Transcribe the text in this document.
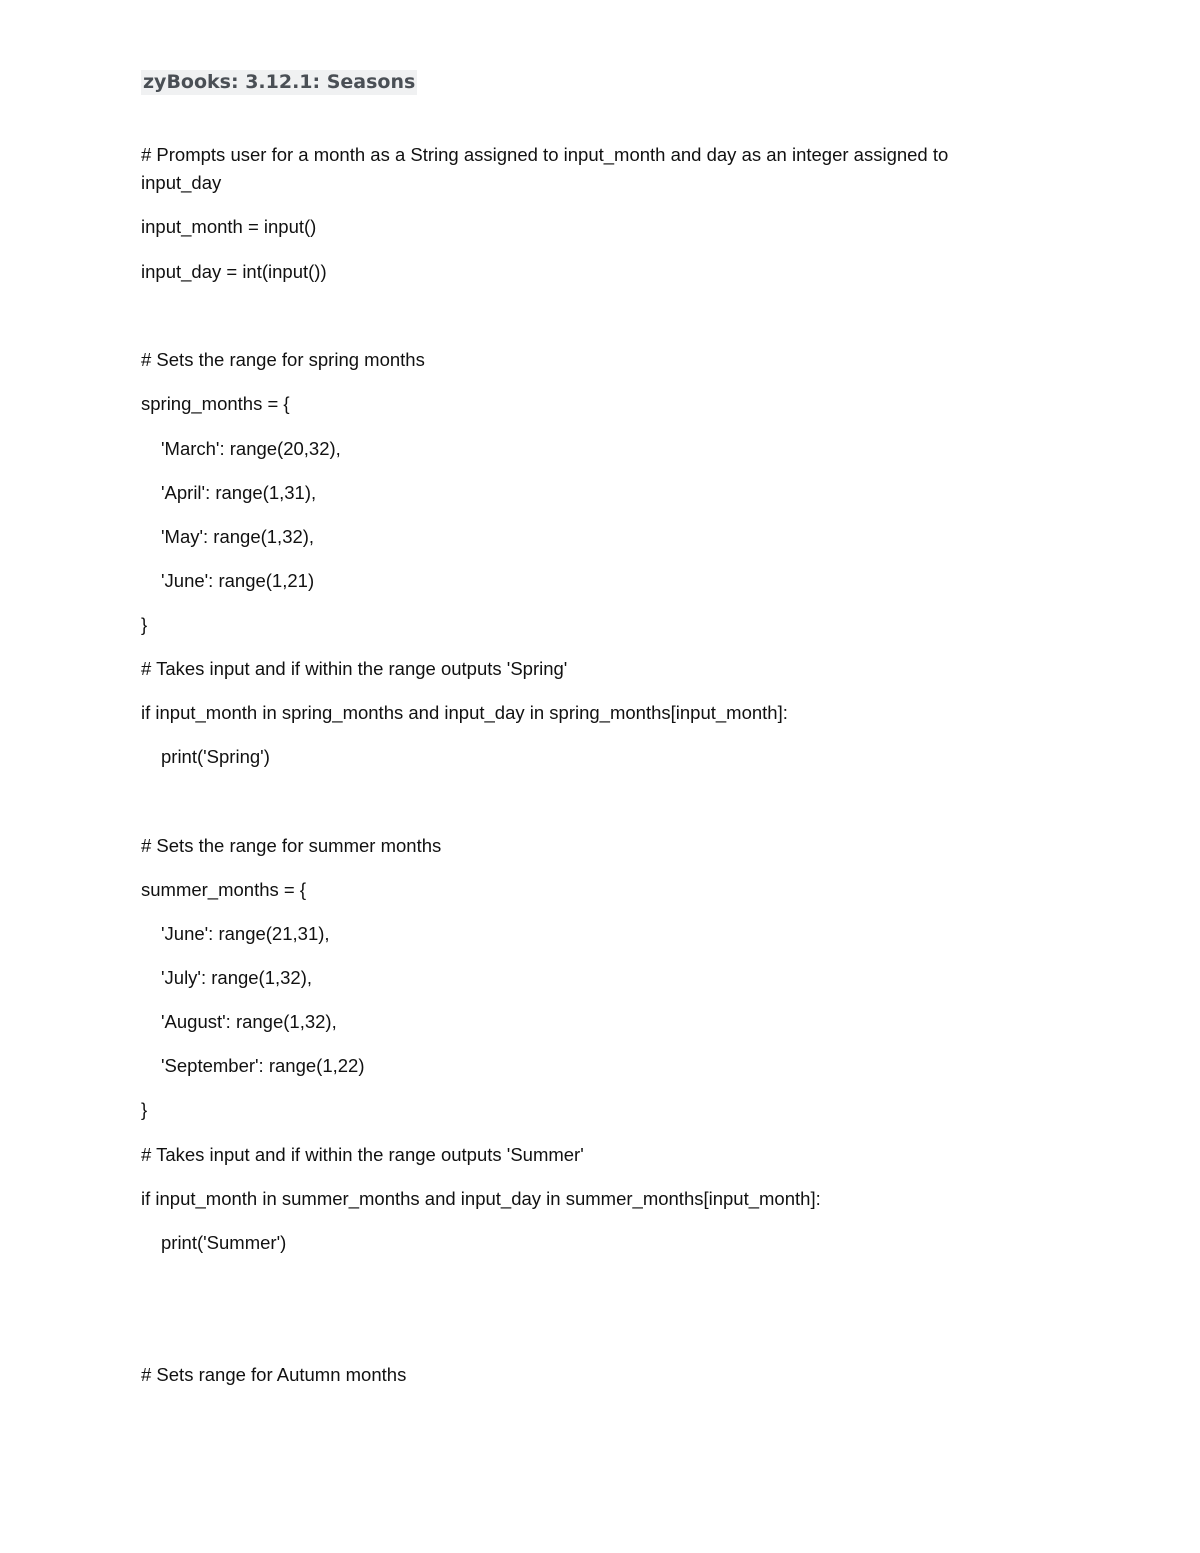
zyBooks: 3.12.1: Seasons
# Prompts user for a month as a String assigned to input_month and day as an integer assigned to
input_day
input_month = input()
input_day = int(input())
# Sets the range for spring months
spring_months = {
'March': range(20,32),
'April': range(1,31),
'May': range(1,32),
'June': range(1,21)
}
# Takes input and if within the range outputs 'Spring'
if input_month in spring_months and input_day in spring_months[input_month]:
print('Spring')
# Sets the range for summer months
summer_months = {
'June': range(21,31),
'July': range(1,32),
'August': range(1,32),
'September': range(1,22)
}
# Takes input and if within the range outputs 'Summer'
if input_month in summer_months and input_day in summer_months[input_month]:
print('Summer')
# Sets range for Autumn months
